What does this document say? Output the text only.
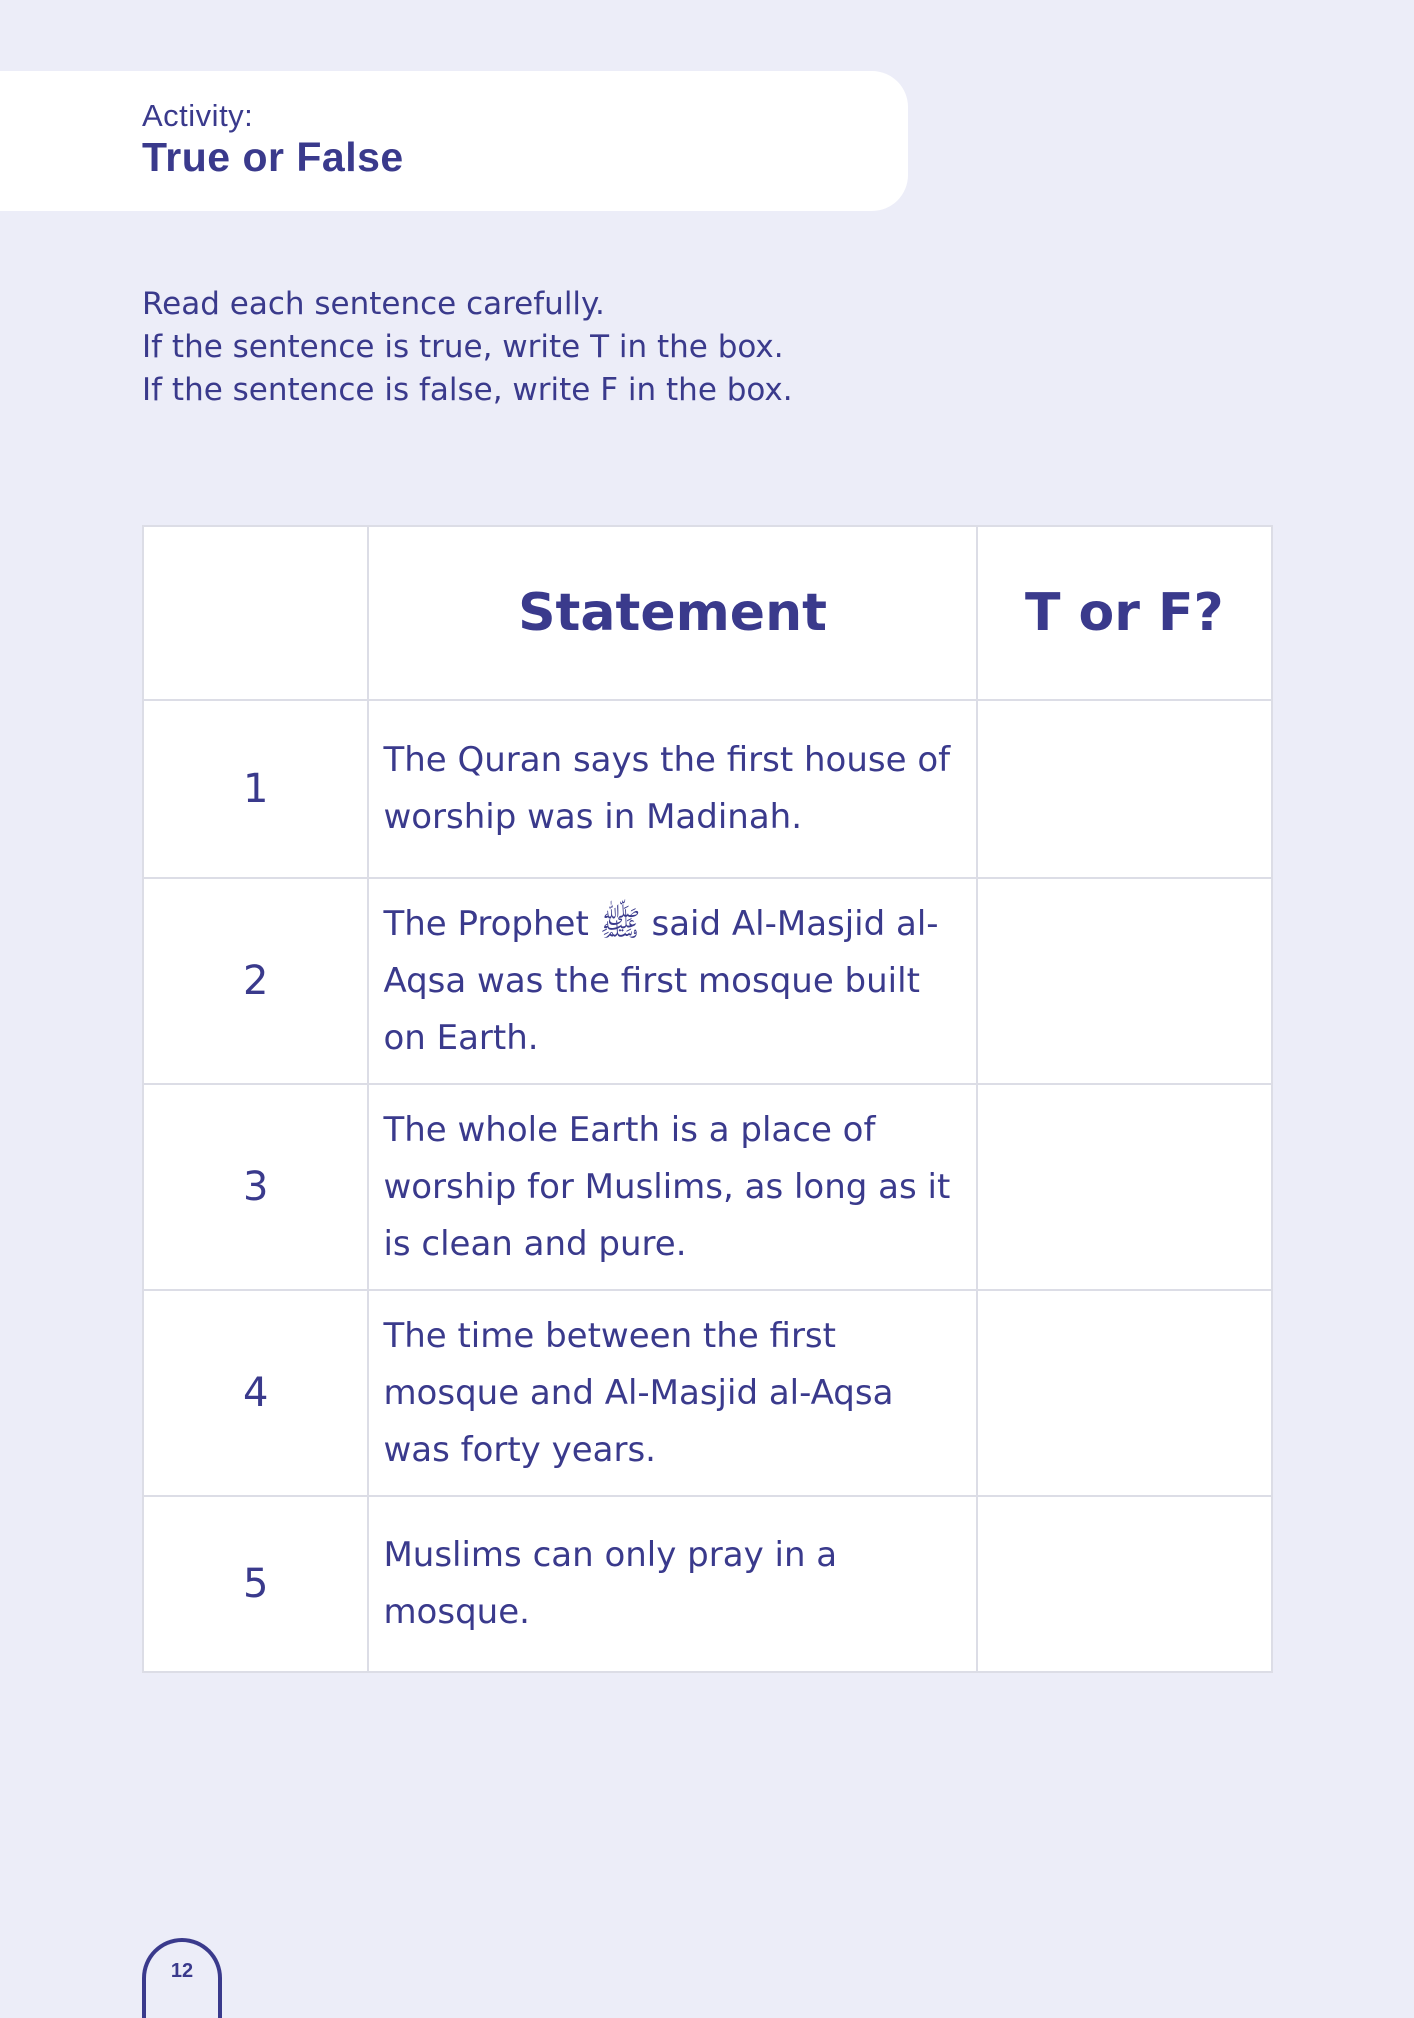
Activity:
True or False
Read each sentence carefully.
If the sentence is true, write T in the box.
If the sentence is false, write F in the box.
	Statement	T or F?
1	The Quran says the first house of worship was in Madinah.	
2	The Prophet ﷺ said Al-Masjid al-Aqsa was the first mosque built on Earth.	
3	The whole Earth is a place of worship for Muslims, as long as it is clean and pure.	
4	The time between the first mosque and Al-Masjid al-Aqsa was forty years.	
5	Muslims can only pray in a mosque.	
12
